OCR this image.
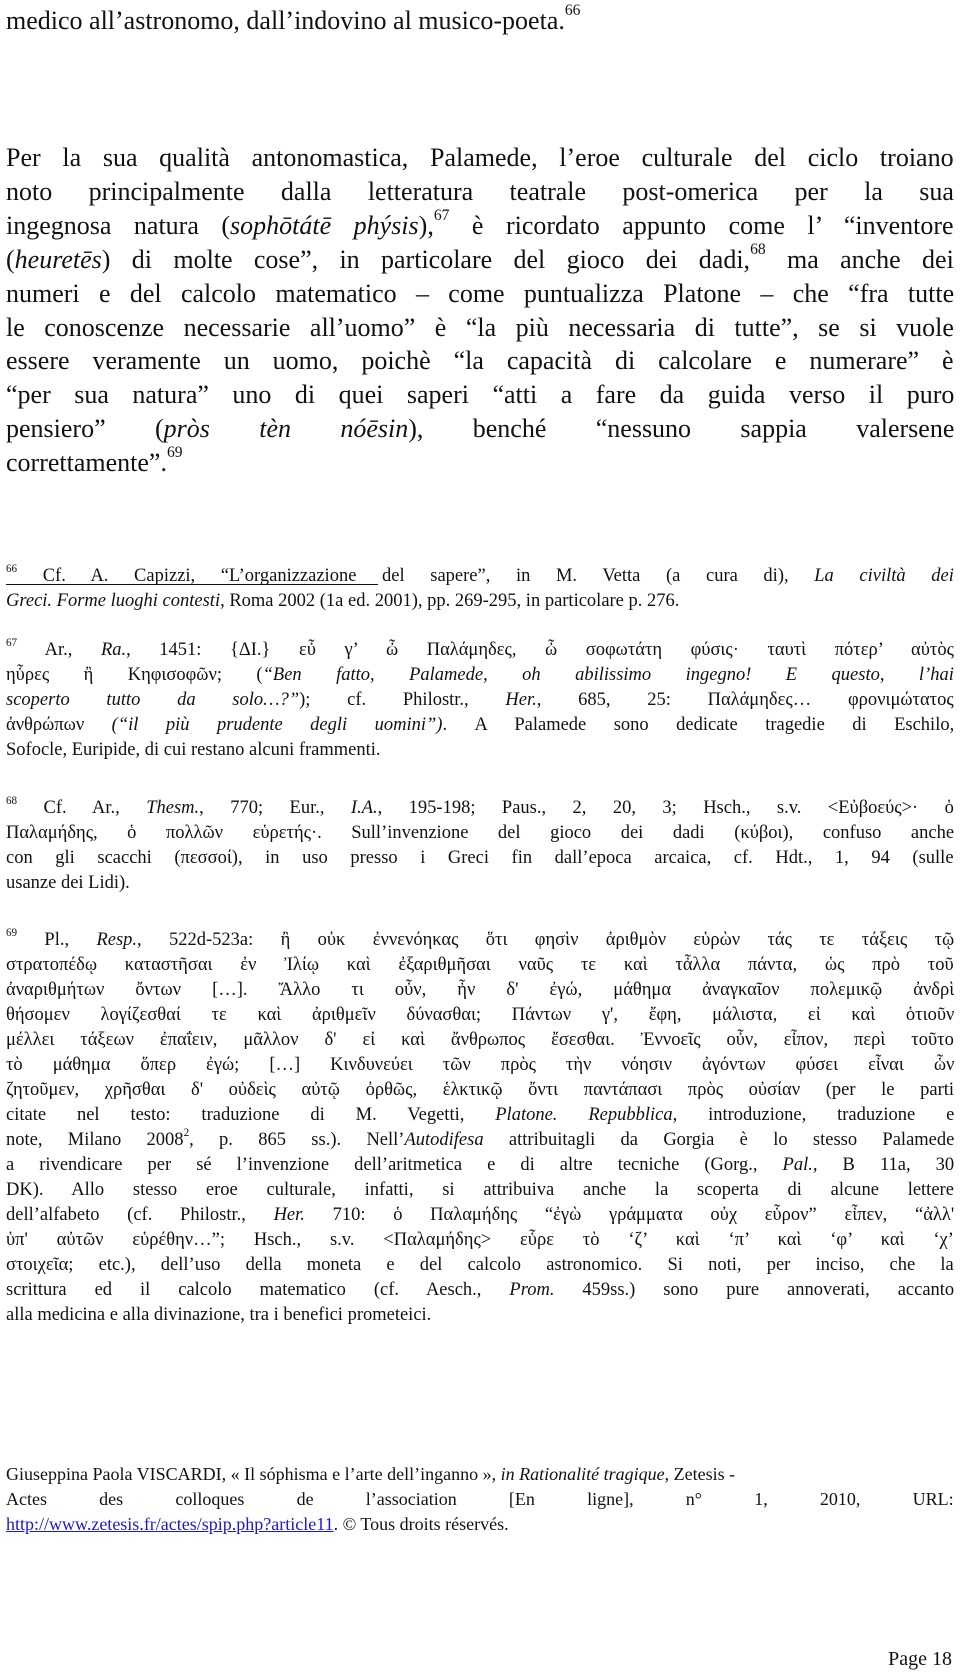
medico all’astronomo, dall’indovino al musico-poeta.$^{66}$
Per la sua qualità antonomastica, Palamede, l’eroe culturale del ciclo troiano
noto principalmente dalla letteratura teatrale post-omerica per la sua
ingegnosa natura (sophōtátē phýsis),$^{67}$ è ricordato appunto come l’ “inventore
(heuretēs) di molte cose”, in particolare del gioco dei dadi,$^{68}$ ma anche dei
numeri e del calcolo matematico – come puntualizza Platone – che “fra tutte
le conoscenze necessarie all’uomo” è “la più necessaria di tutte”, se si vuole
essere veramente un uomo, poichè “la capacità di calcolare e numerare” è
“per sua natura” uno di quei saperi “atti a fare da guida verso il puro
pensiero” (pròs tèn nóēsin), benché “nessuno sappia valersene
correttamente”.$^{69}$
$^{66}$ Cf. A. Capizzi, “L’organizzazione del sapere”, in M. Vetta (a cura di), La civiltà dei
Greci. Forme luoghi contesti, Roma 2002 (1a ed. 2001), pp. 269-295, in particolare p. 276.
$^{67}$ Ar., Ra., 1451: {ΔΙ.} εὖ γ’ ὦ Παλάμηδες, ὦ σοφωτάτη φύσις· ταυτὶ πότερ’ αὐτὸς
ηὗρες ἢ Κηφισοφῶν; (“Ben fatto, Palamede, oh abilissimo ingegno! E questo, l’hai
scoperto tutto da solo…?”); cf. Philostr., Her., 685, 25: Παλάμηδες… φρονιμώτατος
ἀνθρώπων (“il più prudente degli uomini”). A Palamede sono dedicate tragedie di Eschilo,
Sofocle, Euripide, di cui restano alcuni frammenti.
$^{68}$ Cf. Ar., Thesm., 770; Eur., I.A., 195-198; Paus., 2, 20, 3; Hsch., s.v. <Εὐβοεύς>· ὁ
Παλαμήδης, ὁ πολλῶν εὑρετής·. Sull’invenzione del gioco dei dadi (κύβοι), confuso anche
con gli scacchi (πεσσοί), in uso presso i Greci fin dall’epoca arcaica, cf. Hdt., 1, 94 (sulle
usanze dei Lidi).
$^{69}$ Pl., Resp., 522d-523a: ἢ οὐκ ἐννενόηκας ὅτι φησὶν ἀριθμὸν εὑρὼν τάς τε τάξεις τῷ
στρατοπέδῳ καταστῆσαι ἐν Ἰλίῳ καὶ ἐξαριθμῆσαι ναῦς τε καὶ τἆλλα πάντα, ὡς πρὸ τοῦ
ἀναριθμήτων ὄντων […]. Ἄλλο τι οὖν, ἦν δ' ἐγώ, μάθημα ἀναγκαῖον πολεμικῷ ἀνδρὶ
θήσομεν λογίζεσθαί τε καὶ ἀριθμεῖν δύνασθαι; Πάντων γ', ἔφη, μάλιστα, εἰ καὶ ὁτιοῦν
μέλλει τάξεων ἐπαΐειν, μᾶλλον δ' εἰ καὶ ἄνθρωπος ἔσεσθαι. Ἐννοεῖς οὖν, εἶπον, περὶ τοῦτο
τὸ μάθημα ὅπερ ἐγώ; […] Κινδυνεύει τῶν πρὸς τὴν νόησιν ἀγόντων φύσει εἶναι ὧν
ζητοῦμεν, χρῆσθαι δ' οὐδεὶς αὐτῷ ὀρθῶς, ἑλκτικῷ ὄντι παντάπασι πρὸς οὐσίαν (per le parti
citate nel testo: traduzione di M. Vegetti, Platone. Repubblica, introduzione, traduzione e
note, Milano 2008$^2$, p. 865 ss.). Nell’Autodifesa attribuitagli da Gorgia è lo stesso Palamede
a rivendicare per sé l’invenzione dell’aritmetica e di altre tecniche (Gorg., Pal., B 11a, 30
DK). Allo stesso eroe culturale, infatti, si attribuiva anche la scoperta di alcune lettere
dell’alfabeto (cf. Philostr., Her. 710: ὁ Παλαμήδης “ἐγὼ γράμματα οὐχ εὗρον” εἶπεν, “ἀλλ'
ὑπ' αὐτῶν εὑρέθην…”; Hsch., s.v. <Παλαμήδης> εὗρε τὸ ‘ζ’ καὶ ‘π’ καὶ ‘φ’ καὶ ‘χ’
στοιχεῖα; etc.), dell’uso della moneta e del calcolo astronomico. Si noti, per inciso, che la
scrittura ed il calcolo matematico (cf. Aesch., Prom. 459ss.) sono pure annoverati, accanto
alla medicina e alla divinazione, tra i benefici prometeici.
Giuseppina Paola VISCARDI, « Il sóphisma e l’arte dell’inganno », in Rationalité tragique, Zetesis -
Actes des colloques de l’association [En ligne], n° 1, 2010, URL:
http://www.zetesis.fr/actes/spip.php?article11. © Tous droits réservés.
Page 18
